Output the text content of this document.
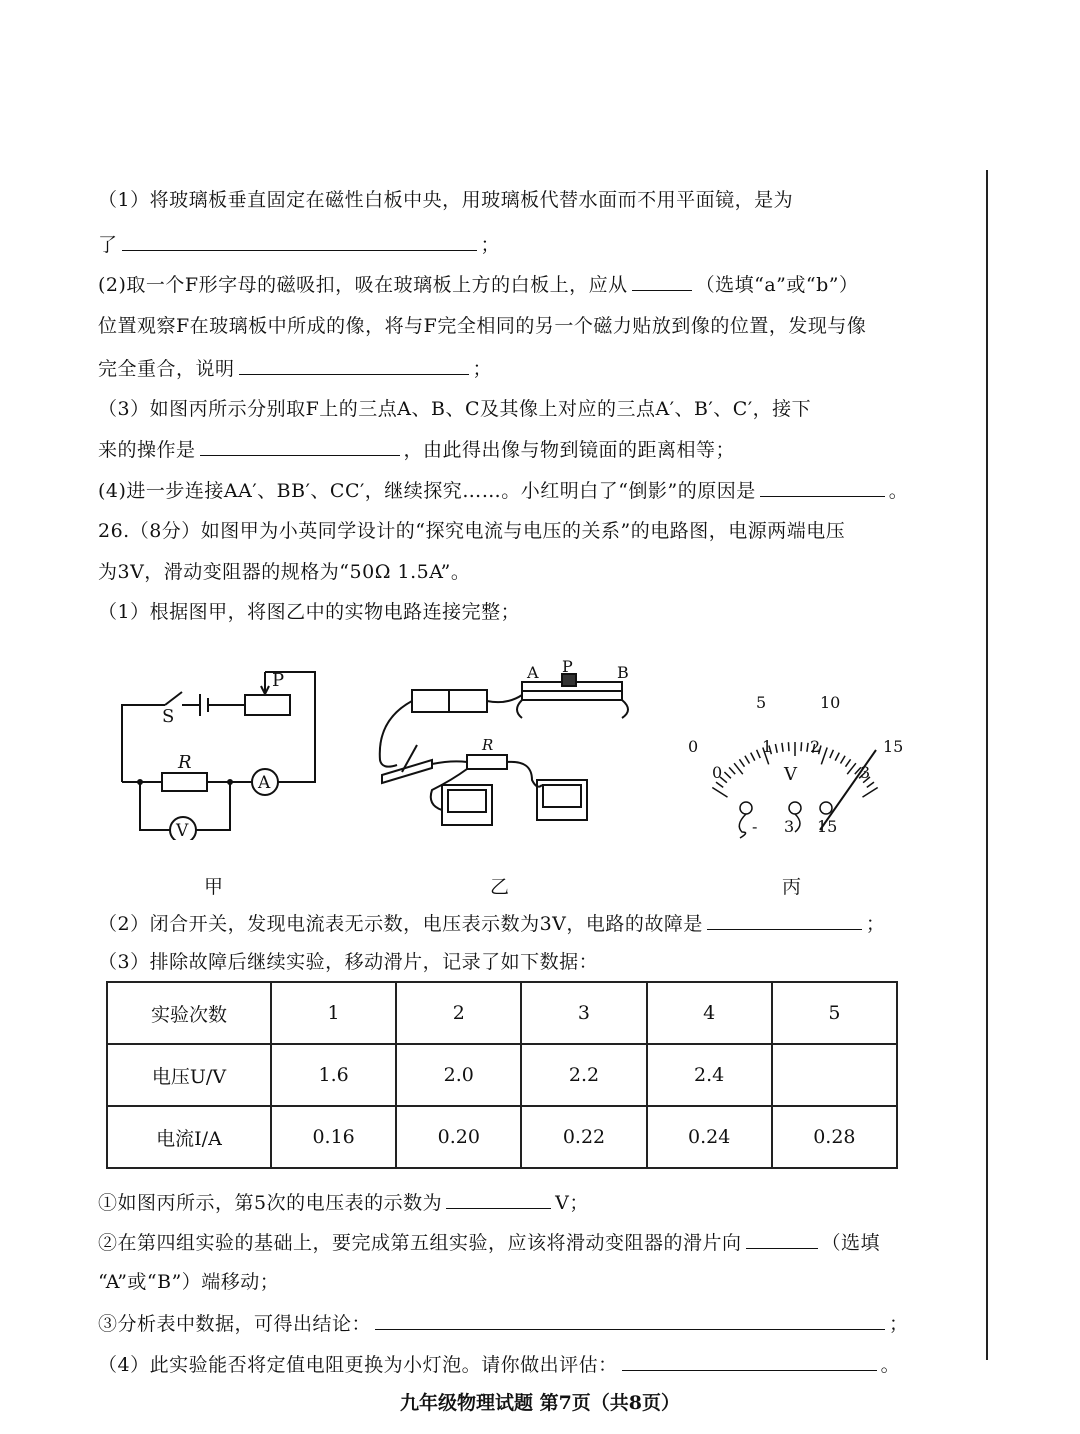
（1）将玻璃板垂直固定在磁性白板中央，用玻璃板代替水面而不用平面镜，是为
了	；
(2)取一个F形字母的磁吸扣，吸在玻璃板上方的白板上，应从	（选填“a”或“b”）
位置观察F在玻璃板中所成的像，将与F完全相同的另一个磁力贴放到像的位置，发现与像
完全重合，说明	；
（3）如图丙所示分别取F上的三点A、B、C及其像上对应的三点A′、B′、C′，接下
来的操作是	，由此得出像与物到镜面的距离相等；
(4)进一步连接AA′、BB′、CC′，继续探究……。小红明白了“倒影”的原因是	。
26.（8分）如图甲为小英同学设计的“探究电流与电压的关系”的电路图，电源两端电压
为3V，滑动变阻器的规格为“50Ω 1.5A”。
（1）根据图甲，将图乙中的实物电路连接完整；
S
P
R
A
V
甲
A P	B
R
乙
0
5	10
15
0
1 2
3
V
- 3 15
丙
（2）闭合开关，发现电流表无示数，电压表示数为3V，电路的故障是	；
（3）排除故障后继续实验，移动滑片，记录了如下数据：
实验次数	1	2	3	4	5
电压U/V	1.6	2.0	2.2	2.4	
电流I/A	0.16	0.20	0.22	0.24	0.28
①如图丙所示，第5次的电压表的示数为	V；
②在第四组实验的基础上，要完成第五组实验，应该将滑动变阻器的滑片向	（选填
“A”或“B”）端移动；
③分析表中数据，可得出结论：	；
（4）此实验能否将定值电阻更换为小灯泡。请你做出评估：	。
九年级物理试题 第7页（共8页）
